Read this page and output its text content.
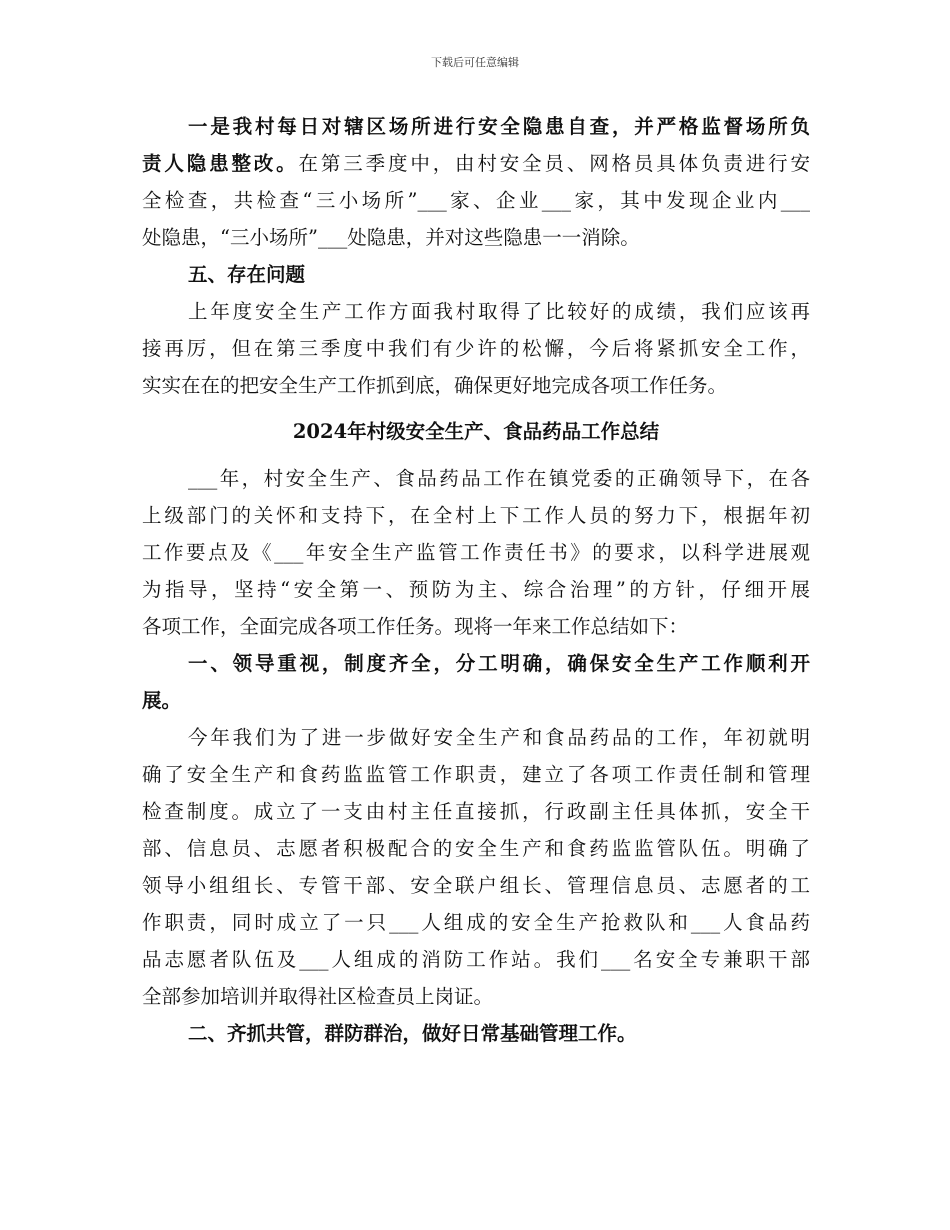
下载后可任意编辑
一是我村每日对辖区场所进行安全隐患自查，并严格监督场所负
责人隐患整改。在第三季度中，由村安全员、网格员具体负责进行安
全检查，共检查“三小场所”___家、企业___家，其中发现企业内___
处隐患，“三小场所”___处隐患，并对这些隐患一一消除。
五、存在问题
上年度安全生产工作方面我村取得了比较好的成绩，我们应该再
接再厉，但在第三季度中我们有少许的松懈，今后将紧抓安全工作，
实实在在的把安全生产工作抓到底，确保更好地完成各项工作任务。
2024年村级安全生产、食品药品工作总结
___年，村安全生产、食品药品工作在镇党委的正确领导下，在各
上级部门的关怀和支持下，在全村上下工作人员的努力下，根据年初
工作要点及《___年安全生产监管工作责任书》的要求，以科学进展观
为指导，坚持“安全第一、预防为主、综合治理”的方针，仔细开展
各项工作，全面完成各项工作任务。现将一年来工作总结如下：
一、领导重视，制度齐全，分工明确，确保安全生产工作顺利开
展。
今年我们为了进一步做好安全生产和食品药品的工作，年初就明
确了安全生产和食药监监管工作职责，建立了各项工作责任制和管理
检查制度。成立了一支由村主任直接抓，行政副主任具体抓，安全干
部、信息员、志愿者积极配合的安全生产和食药监监管队伍。明确了
领导小组组长、专管干部、安全联户组长、管理信息员、志愿者的工
作职责，同时成立了一只___人组成的安全生产抢救队和___人食品药
品志愿者队伍及___人组成的消防工作站。我们___名安全专兼职干部
全部参加培训并取得社区检查员上岗证。
二、齐抓共管，群防群治，做好日常基础管理工作。
